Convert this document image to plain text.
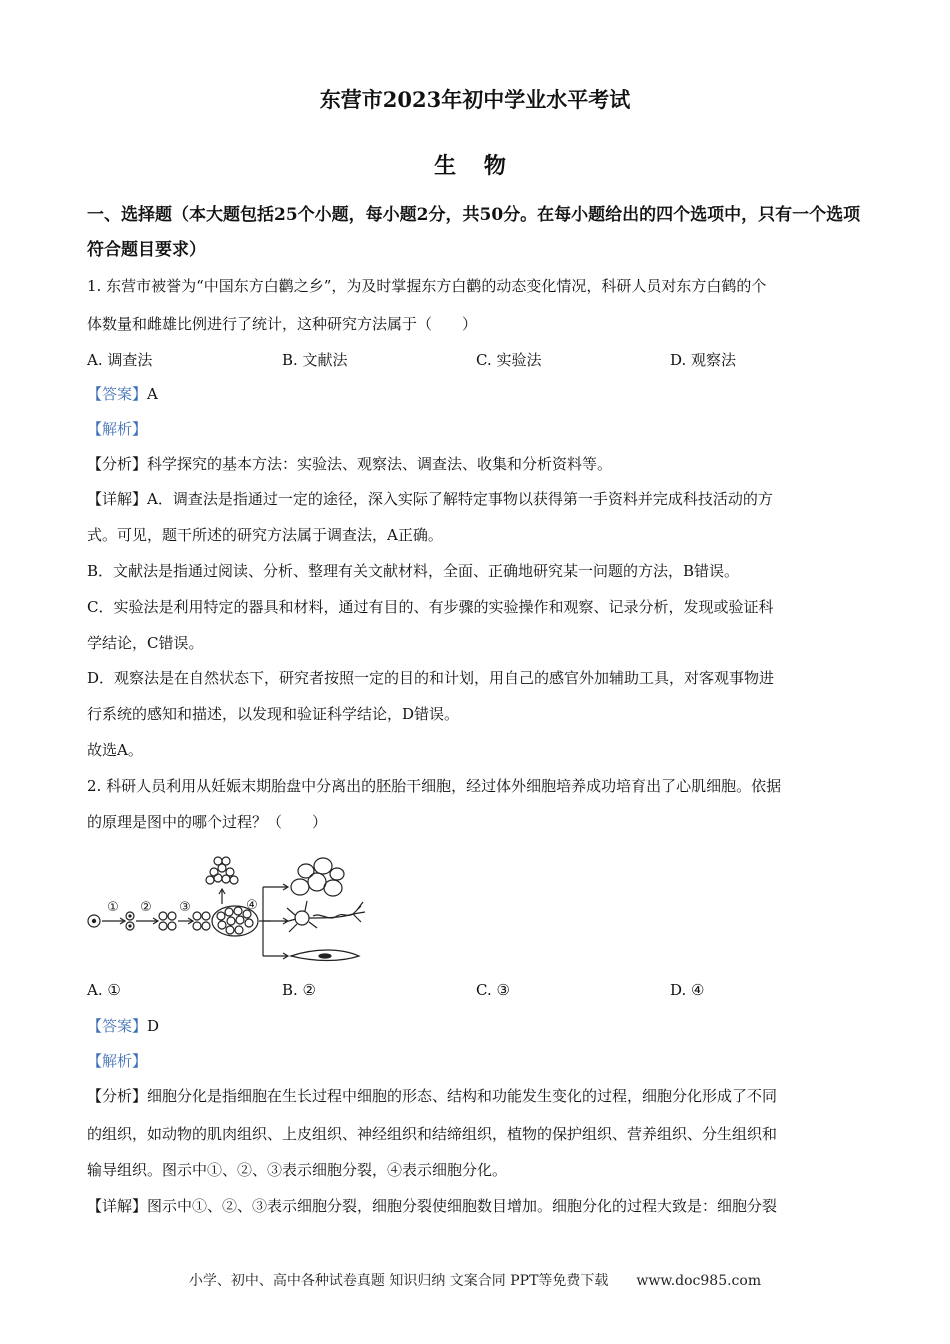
东营市2023年初中学业水平考试
生 物
一、选择题（本大题包括25个小题，每小题2分，共50分。在每小题给出的四个选项中，只有一个选项符合题目要求）
1. 东营市被誉为“中国东方白鹳之乡”，为及时掌握东方白鹳的动态变化情况，科研人员对东方白鹤的个
体数量和雌雄比例进行了统计，这种研究方法属于（　　）
A. 调查法	B. 文献法	C. 实验法	D. 观察法
【答案】A
【解析】
【分析】科学探究的基本方法：实验法、观察法、调查法、收集和分析资料等。
【详解】A．调查法是指通过一定的途径，深入实际了解特定事物以获得第一手资料并完成科技活动的方
式。可见，题干所述的研究方法属于调查法，A正确。
B．文献法是指通过阅读、分析、整理有关文献材料，全面、正确地研究某一问题的方法，B错误。
C．实验法是利用特定的器具和材料，通过有目的、有步骤的实验操作和观察、记录分析，发现或验证科
学结论，C错误。
D．观察法是在自然状态下，研究者按照一定的目的和计划，用自己的感官外加辅助工具，对客观事物进
行系统的感知和描述，以发现和验证科学结论，D错误。
故选A。
2. 科研人员利用从妊娠末期胎盘中分离出的胚胎干细胞，经过体外细胞培养成功培育出了心肌细胞。依据
的原理是图中的哪个过程？（　　）
① ② ③	④
A. ①	B. ②	C. ③	D. ④
【答案】D
【解析】
【分析】细胞分化是指细胞在生长过程中细胞的形态、结构和功能发生变化的过程，细胞分化形成了不同
的组织，如动物的肌肉组织、上皮组织、神经组织和结缔组织，植物的保护组织、营养组织、分生组织和
输导组织。图示中①、②、③表示细胞分裂，④表示细胞分化。
【详解】图示中①、②、③表示细胞分裂，细胞分裂使细胞数目增加。细胞分化的过程大致是：细胞分裂
小学、初中、高中各种试卷真题 知识归纳 文案合同 PPT等免费下载　　www.doc985.com
